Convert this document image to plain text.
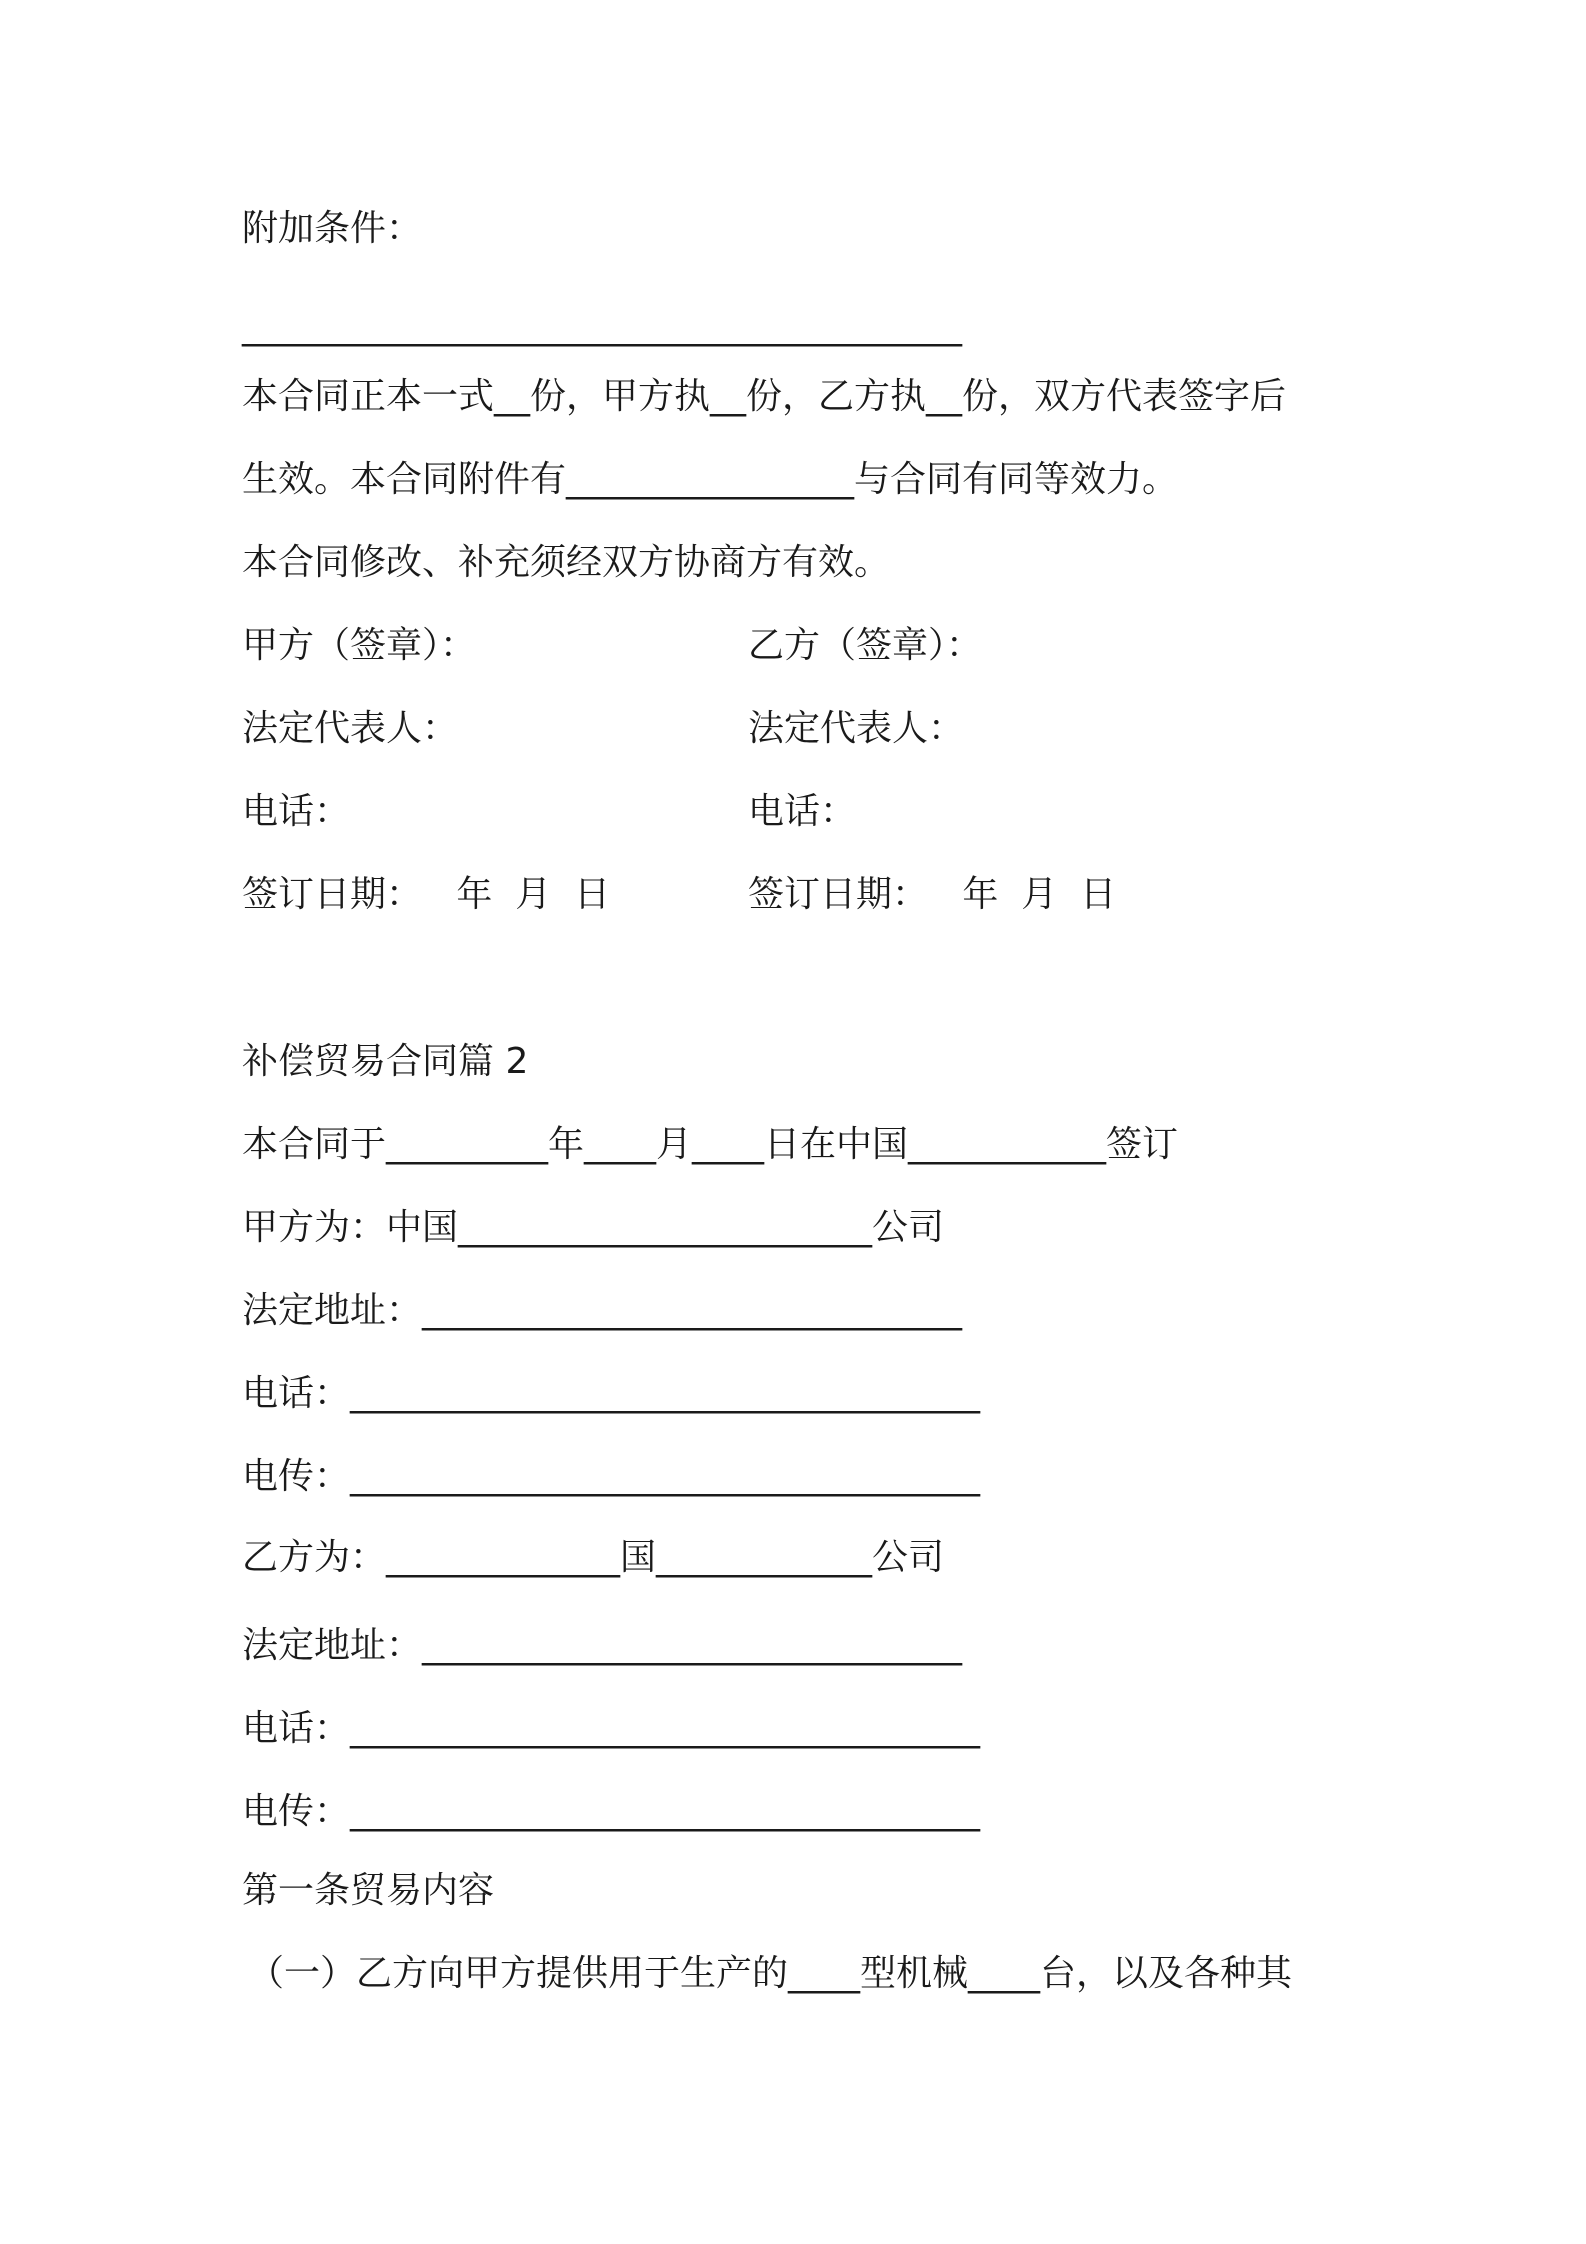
附加条件：

________________________________________

本合同正本一式__份，甲方执__份，乙方执__份，双方代表签字后

生效。本合同附件有________________与合同有同等效力。

本合同修改、补充须经双方协商方有效。

甲方（签章）：	乙方（签章）：

法定代表人：	法定代表人：

电话：	电话：

签订日期：   年  月  日	签订日期：   年  月  日

补偿贸易合同篇 2

本合同于_________年____月____日在中国___________签订

甲方为：中国_______________________公司

法定地址：______________________________

电话：___________________________________

电传：___________________________________

乙方为：_____________国____________公司

法定地址：______________________________

电话：___________________________________

电传：___________________________________

第一条贸易内容

（一）乙方向甲方提供用于生产的____型机械____台，以及各种其
